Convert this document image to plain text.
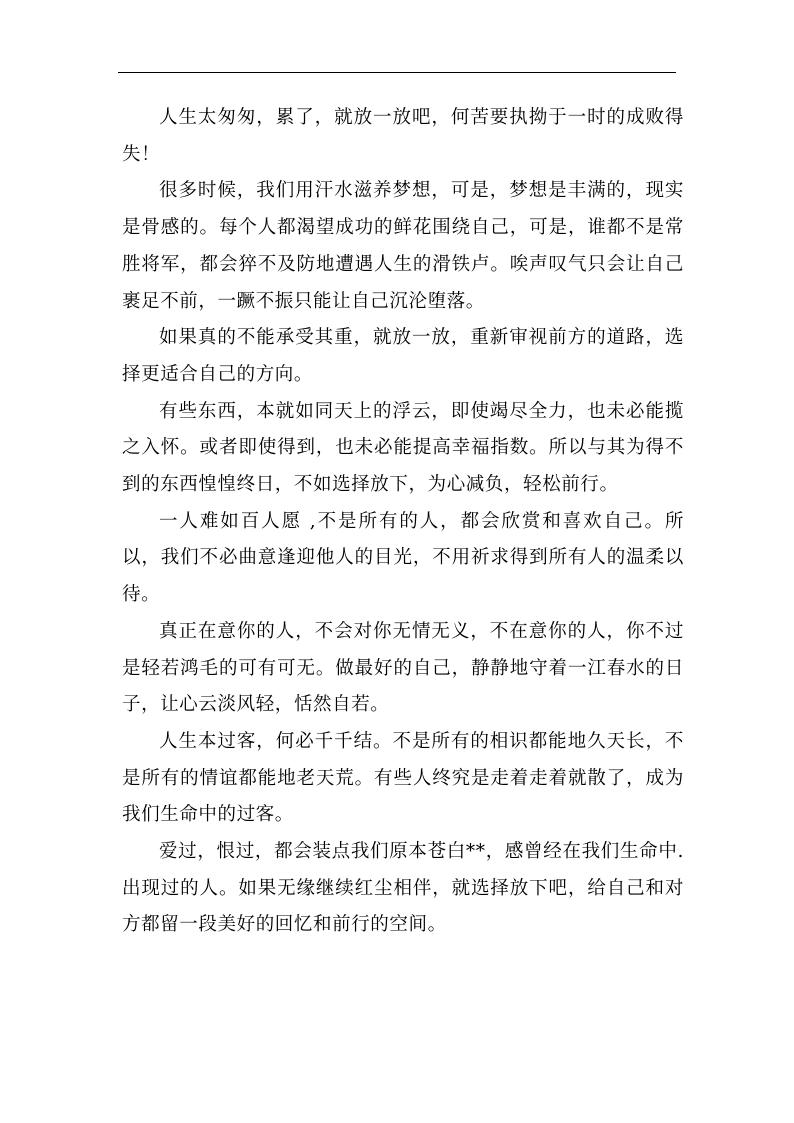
人生太匆匆，累了，就放一放吧，何苦要执拗于一时的成败得失！

很多时候，我们用汗水滋养梦想，可是，梦想是丰满的，现实是骨感的。每个人都渴望成功的鲜花围绕自己，可是，谁都不是常胜将军，都会猝不及防地遭遇人生的滑铁卢。唉声叹气只会让自己裹足不前，一蹶不振只能让自己沉沦堕落。

如果真的不能承受其重，就放一放，重新审视前方的道路，选择更适合自己的方向。

有些东西，本就如同天上的浮云，即使竭尽全力，也未必能揽之入怀。或者即使得到，也未必能提高幸福指数。所以与其为得不到的东西惶惶终日，不如选择放下，为心减负，轻松前行。

一人难如百人愿 ,不是所有的人，都会欣赏和喜欢自己。所以，我们不必曲意逢迎他人的目光，不用祈求得到所有人的温柔以待。

真正在意你的人，不会对你无情无义，不在意你的人，你不过是轻若鸿毛的可有可无。做最好的自己，静静地守着一江春水的日子，让心云淡风轻，恬然自若。

人生本过客，何必千千结。不是所有的相识都能地久天长，不是所有的情谊都能地老天荒。有些人终究是走着走着就散了，成为我们生命中的过客。

爱过，恨过，都会装点我们原本苍白**，感曾经在我们生命中.出现过的人。如果无缘继续红尘相伴，就选择放下吧，给自己和对方都留一段美好的回忆和前行的空间。
